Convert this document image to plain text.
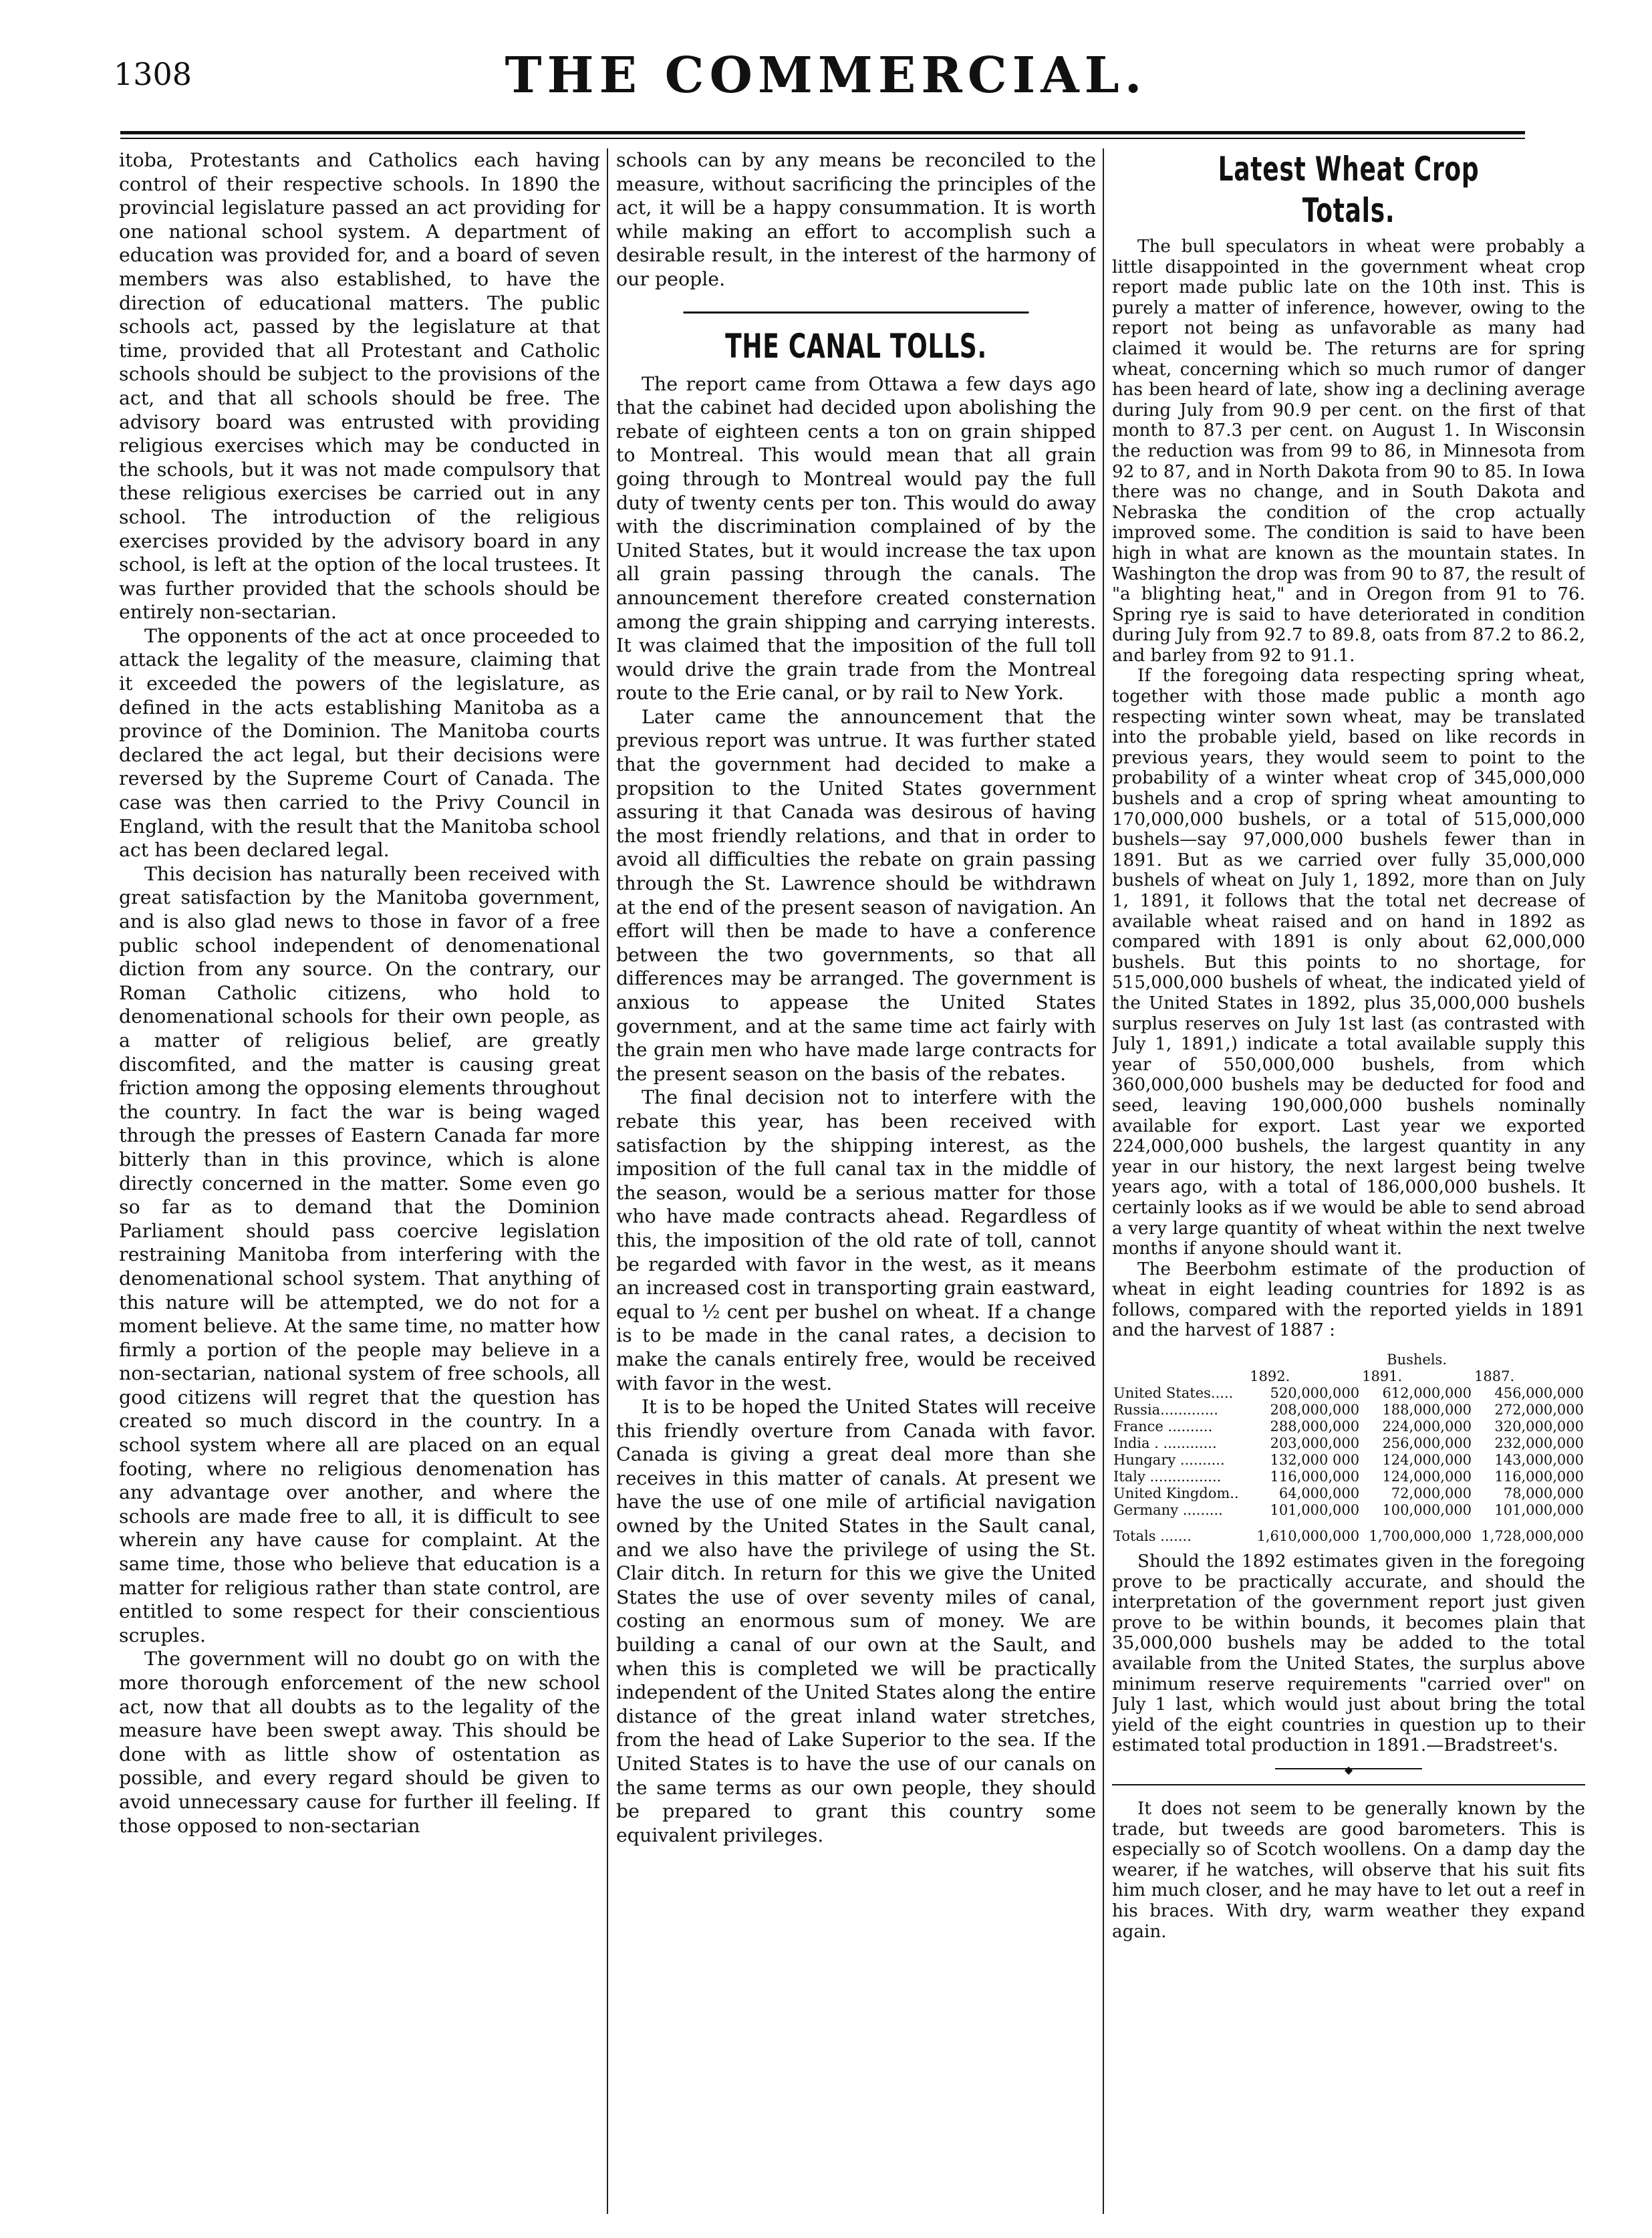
1308	THE COMMERCIAL.

itoba, Protestants and Catholics each having control of their respective schools. In 1890 the provincial legislature passed an act providing for one national school system. A department of education was provided for, and a board of seven members was also established, to have the direction of educational matters. The public schools act, passed by the legislature at that time, provided that all Protestant and Catholic schools should be subject to the provisions of the act, and that all schools should be free. The advisory board was entrusted with providing religious exercises which may be conducted in the schools, but it was not made compulsory that these religious exercises be carried out in any school. The introduction of the religious exercises provided by the advisory board in any school, is left at the option of the local trustees. It was further provided that the schools should be entirely non-sectarian.

The opponents of the act at once proceeded to attack the legality of the measure, claiming that it exceeded the powers of the legislature, as defined in the acts establishing Manitoba as a province of the Dominion. The Manitoba courts declared the act legal, but their decisions were reversed by the Supreme Court of Canada. The case was then carried to the Privy Council in England, with the result that the Manitoba school act has been declared legal.

This decision has naturally been received with great satisfaction by the Manitoba government, and is also glad news to those in favor of a free public school independent of denomenational diction from any source. On the contrary, our Roman Catholic citizens, who hold to denomenational schools for their own people, as a matter of religious belief, are greatly discomfited, and the matter is causing great friction among the opposing elements throughout the country. In fact the war is being waged through the presses of Eastern Canada far more bitterly than in this province, which is alone directly concerned in the matter. Some even go so far as to demand that the Dominion Parliament should pass coercive legislation restraining Manitoba from interfering with the denomenational school system. That anything of this nature will be attempted, we do not for a moment believe. At the same time, no matter how firmly a portion of the people may believe in a non-sectarian, national system of free schools, all good citizens will regret that the question has created so much discord in the country. In a school system where all are placed on an equal footing, where no religious denomenation has any advantage over another, and where the schools are made free to all, it is difficult to see wherein any have cause for complaint. At the same time, those who believe that education is a matter for religious rather than state control, are entitled to some respect for their conscientious scruples.

The government will no doubt go on with the more thorough enforcement of the new school act, now that all doubts as to the legality of the measure have been swept away. This should be done with as little show of ostentation as possible, and every regard should be given to avoid unnecessary cause for further ill feeling. If those opposed to non-sectarian

schools can by any means be reconciled to the measure, without sacrificing the principles of the act, it will be a happy consummation. It is worth while making an effort to accomplish such a desirable result, in the interest of the harmony of our people.

THE CANAL TOLLS.

The report came from Ottawa a few days ago that the cabinet had decided upon abolishing the rebate of eighteen cents a ton on grain shipped to Montreal. This would mean that all grain going through to Montreal would pay the full duty of twenty cents per ton. This would do away with the discrimination complained of by the United States, but it would increase the tax upon all grain passing through the canals. The announcement therefore created consternation among the grain shipping and carrying interests. It was claimed that the imposition of the full toll would drive the grain trade from the Montreal route to the Erie canal, or by rail to New York.

Later came the announcement that the previous report was untrue. It was further stated that the government had decided to make a propsition to the United States government assuring it that Canada was desirous of having the most friendly relations, and that in order to avoid all difficulties the rebate on grain passing through the St. Lawrence should be withdrawn at the end of the present season of navigation. An effort will then be made to have a conference between the two governments, so that all differences may be arranged. The government is anxious to appease the United States government, and at the same time act fairly with the grain men who have made large contracts for the present season on the basis of the rebates.

The final decision not to interfere with the rebate this year, has been received with satisfaction by the shipping interest, as the imposition of the full canal tax in the middle of the season, would be a serious matter for those who have made contracts ahead. Regardless of this, the imposition of the old rate of toll, cannot be regarded with favor in the west, as it means an increased cost in transporting grain eastward, equal to ½ cent per bushel on wheat. If a change is to be made in the canal rates, a decision to make the canals entirely free, would be received with favor in the west.

It is to be hoped the United States will receive this friendly overture from Canada with favor. Canada is giving a great deal more than she receives in this matter of canals. At present we have the use of one mile of artificial navigation owned by the United States in the Sault canal, and we also have the privilege of using the St. Clair ditch. In return for this we give the United States the use of over seventy miles of canal, costing an enormous sum of money. We are building a canal of our own at the Sault, and when this is completed we will be practically independent of the United States along the entire distance of the great inland water stretches, from the head of Lake Superior to the sea. If the United States is to have the use of our canals on the same terms as our own people, they should be prepared to grant this country some equivalent privileges.

Latest Wheat Crop Totals.

The bull speculators in wheat were probably a little disappointed in the government wheat crop report made public late on the 10th inst. This is purely a matter of inference, however, owing to the report not being as unfavorable as many had claimed it would be. The returns are for spring wheat, concerning which so much rumor of danger has been heard of late, show ing a declining average during July from 90.9 per cent. on the first of that month to 87.3 per cent. on August 1. In Wisconsin the reduction was from 99 to 86, in Minnesota from 92 to 87, and in North Dakota from 90 to 85. In Iowa there was no change, and in South Dakota and Nebraska the condition of the crop actually improved some. The condition is said to have been high in what are known as the mountain states. In Washington the drop was from 90 to 87, the result of "a blighting heat," and in Oregon from 91 to 76. Spring rye is said to have deteriorated in condition during July from 92.7 to 89.8, oats from 87.2 to 86.2, and barley from 92 to 91.1.

If the foregoing data respecting spring wheat, together with those made public a month ago respecting winter sown wheat, may be translated into the probable yield, based on like records in previous years, they would seem to point to the probability of a winter wheat crop of 345,000,000 bushels and a crop of spring wheat amounting to 170,000,000 bushels, or a total of 515,000,000 bushels—say 97,000,000 bushels fewer than in 1891. But as we carried over fully 35,000,000 bushels of wheat on July 1, 1892, more than on July 1, 1891, it follows that the total net decrease of available wheat raised and on hand in 1892 as compared with 1891 is only about 62,000,000 bushels. But this points to no shortage, for 515,000,000 bushels of wheat, the indicated yield of the United States in 1892, plus 35,000,000 bushels surplus reserves on July 1st last (as contrasted with July 1, 1891,) indicate a total available supply this year of 550,000,000 bushels, from which 360,000,000 bushels may be deducted for food and seed, leaving 190,000,000 bushels nominally available for export. Last year we exported 224,000,000 bushels, the largest quantity in any year in our history, the next largest being twelve years ago, with a total of 186,000,000 bushels. It certainly looks as if we would be able to send abroad a very large quantity of wheat within the next twelve months if anyone should want it.

The Beerbohm estimate of the production of wheat in eight leading countries for 1892 is as follows, compared with the reported yields in 1891 and the harvest of 1887 :

	Bushels.		
	1892.	1891.	1887.
United States.....	520,000,000	612,000,000	456,000,000
Russia.............	208,000,000	188,000,000	272,000,000
France ..........	288,000,000	224,000,000	320,000,000
India . ............	203,000,000	256,000,000	232,000,000
Hungary ..........	132,000 000	124,000,000	143,000,000
Italy ................	116,000,000	124,000,000	116,000,000
United Kingdom..	64,000,000	72,000,000	78,000,000
Germany .........	101,000,000	100,000,000	101,000,000
Totals .......	1,610,000,000	1,700,000,000	1,728,000,000

Should the 1892 estimates given in the foregoing prove to be practically accurate, and should the interpretation of the government report just given prove to be within bounds, it becomes plain that 35,000,000 bushels may be added to the total available from the United States, the surplus above minimum reserve requirements "carried over" on July 1 last, which would just about bring the total yield of the eight countries in question up to their estimated total production in 1891.—Bradstreet's.

◆

It does not seem to be generally known by the trade, but tweeds are good barometers. This is especially so of Scotch woollens. On a damp day the wearer, if he watches, will observe that his suit fits him much closer, and he may have to let out a reef in his braces. With dry, warm weather they expand again.
